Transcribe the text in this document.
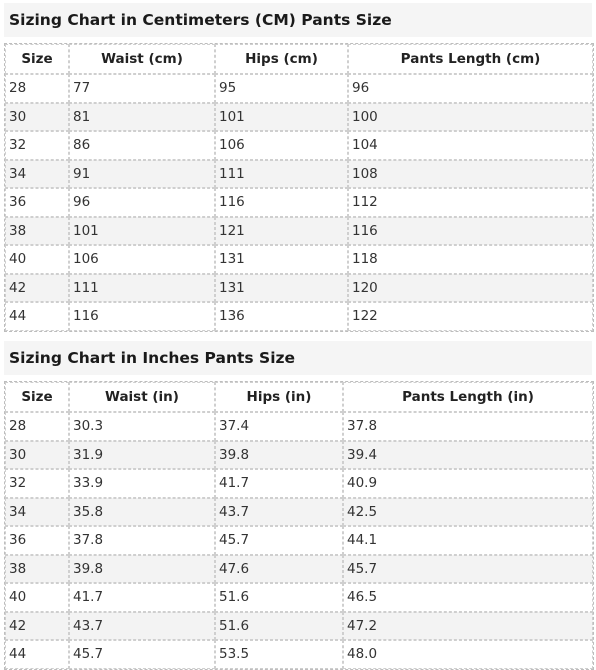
Sizing Chart in Centimeters (CM) Pants Size
Size	Waist (cm)	Hips (cm)	Pants Length (cm)
28	77	95	96
30	81	101	100
32	86	106	104
34	91	111	108
36	96	116	112
38	101	121	116
40	106	131	118
42	111	131	120
44	116	136	122
Sizing Chart in Inches Pants Size
Size	Waist (in)	Hips (in)	Pants Length (in)
28	30.3	37.4	37.8
30	31.9	39.8	39.4
32	33.9	41.7	40.9
34	35.8	43.7	42.5
36	37.8	45.7	44.1
38	39.8	47.6	45.7
40	41.7	51.6	46.5
42	43.7	51.6	47.2
44	45.7	53.5	48.0
